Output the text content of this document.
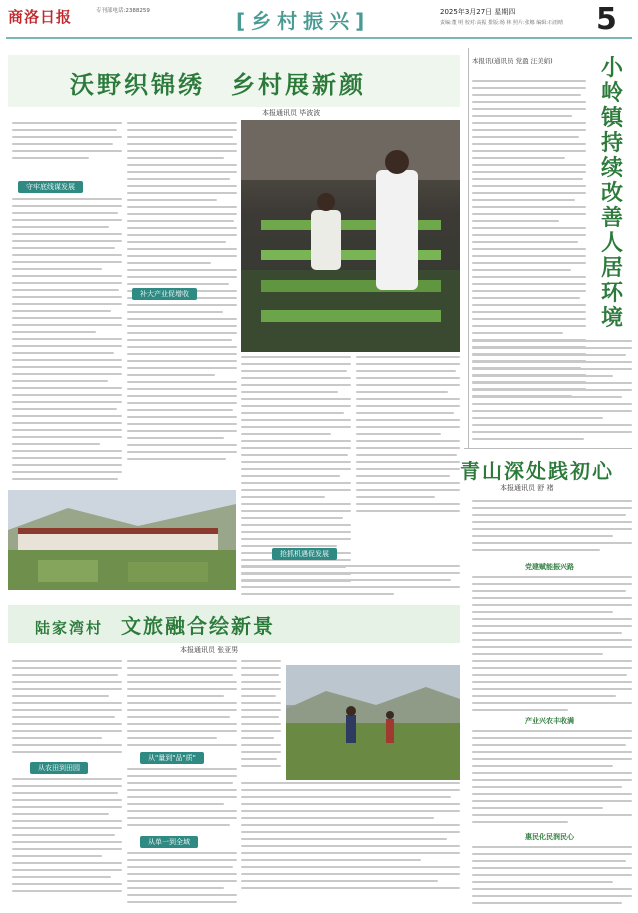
商洛日报	专刊部电话:2388259	[乡村振兴]	2025年3月27日 星期四
责编:董 明 校对:高振 排版:杨 林 照片:张娜 编辑:石雨晴	5
沃野织锦绣 乡村展新颜
本报通讯员 毕波波
守牢底线谋发展
补大产业促增收
抢抓机遇促发展
陆家湾村 文旅融合绘新景
本报通讯员 张亚男
从农田到田园
从"量到"品"质"
从单一到全域
小岭镇持续改善人居环境
本报讯(通讯员 党盈 汪美娟)
青山深处践初心
本报通讯员 舒 褚
党建赋能振兴路
产业兴农丰收满
惠民化民润民心
